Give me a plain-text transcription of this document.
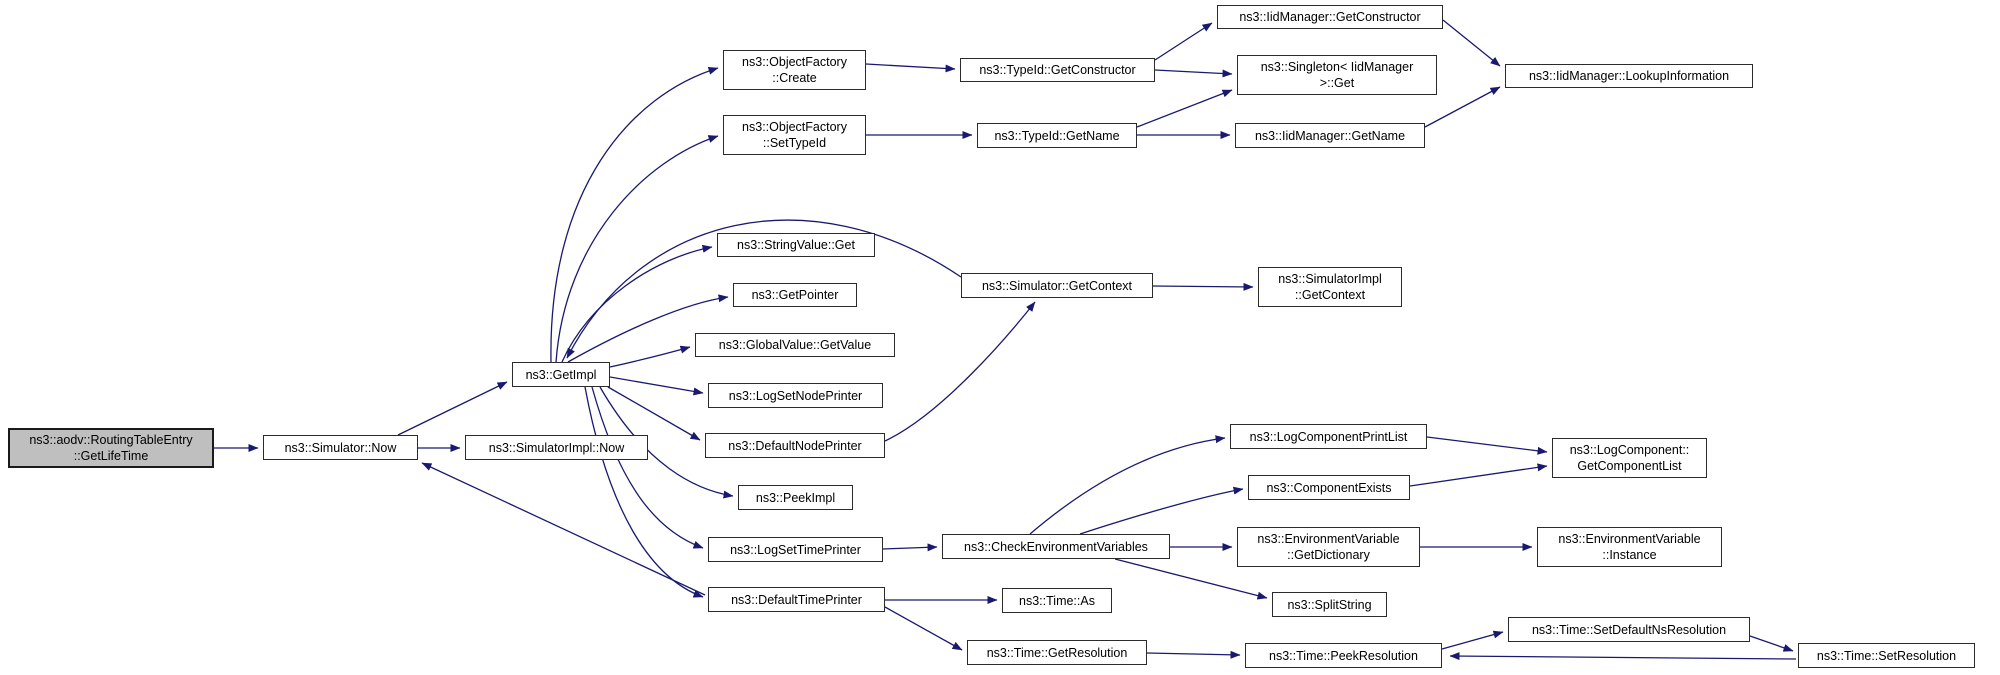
ns3::aodv::RoutingTableEntry
::GetLifeTime
ns3::Simulator::Now	ns3::SimulatorImpl::Now
ns3::GetImpl
ns3::ObjectFactory
::Create
ns3::ObjectFactory
::SetTypeId
ns3::TypeId::GetConstructor
ns3::IidManager::GetConstructor
ns3::Singleton< IidManager
>::Get	ns3::IidManager::LookupInformation
ns3::TypeId::GetName	ns3::IidManager::GetName
ns3::StringValue::Get
ns3::GetPointer
ns3::GlobalValue::GetValue
ns3::LogSetNodePrinter
ns3::DefaultNodePrinter
ns3::PeekImpl
ns3::LogSetTimePrinter
ns3::DefaultTimePrinter
ns3::Simulator::GetContext	ns3::SimulatorImpl
::GetContext
ns3::CheckEnvironmentVariables
ns3::LogComponentPrintList
ns3::ComponentExists
ns3::EnvironmentVariable
::GetDictionary
ns3::SplitString
ns3::Time::As
ns3::Time::GetResolution	ns3::Time::PeekResolution
ns3::LogComponent::
GetComponentList
ns3::EnvironmentVariable
::Instance
ns3::Time::SetDefaultNsResolution
ns3::Time::SetResolution
